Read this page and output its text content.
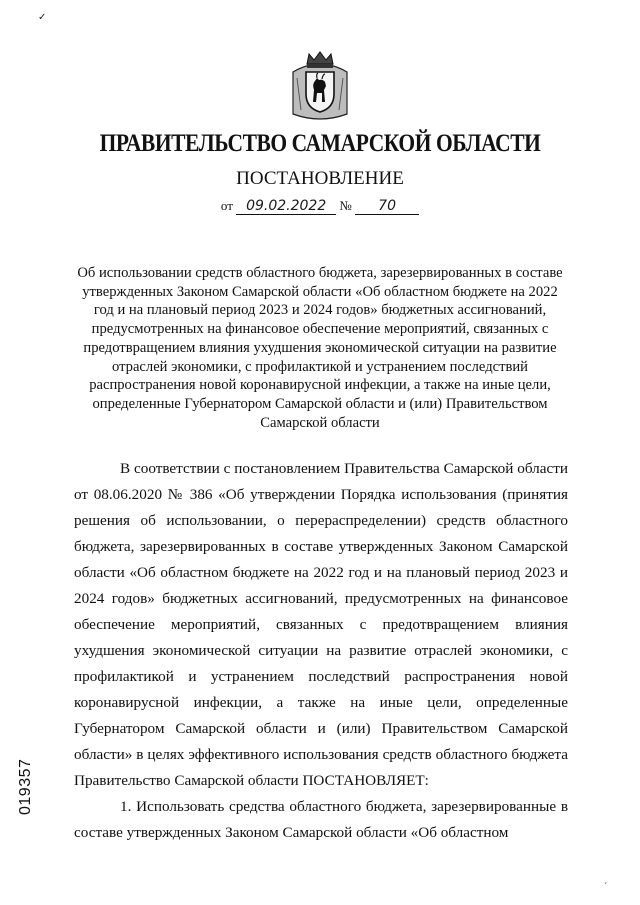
ПРАВИТЕЛЬСТВО САМАРСКОЙ ОБЛАСТИ
ПОСТАНОВЛЕНИЕ
от 09.02.2022 № 70
Об использовании средств областного бюджета, зарезервированных в составе утвержденных Законом Самарской области «Об областном бюджете на 2022 год и на плановый период 2023 и 2024 годов» бюджетных ассигнований, предусмотренных на финансовое обеспечение мероприятий, связанных с предотвращением влияния ухудшения экономической ситуации на развитие отраслей экономики, с профилактикой и устранением последствий распространения новой коронавирусной инфекции, а также на иные цели, определенные Губернатором Самарской области и (или) Правительством Самарской области

В соответствии с постановлением Правительства Самарской области от 08.06.2020 № 386 «Об утверждении Порядка использования (принятия решения об использовании, о перераспределении) средств областного бюджета, зарезервированных в составе утвержденных Законом Самарской области «Об областном бюджете на 2022 год и на плановый период 2023 и 2024 годов» бюджетных ассигнований, предусмотренных на финансовое обеспечение мероприятий, связанных с предотвращением влияния ухудшения экономической ситуации на развитие отраслей экономики, с профилактикой и устранением последствий распространения новой коронавирусной инфекции, а также на иные цели, определенные Губернатором Самарской области и (или) Правительством Самарской области» в целях эффективного использования средств областного бюджета Правительство Самарской области ПОСТАНОВЛЯЕТ:

1. Использовать средства областного бюджета, зарезервированные в составе утвержденных Законом Самарской области «Об областном

019357
✓
´
